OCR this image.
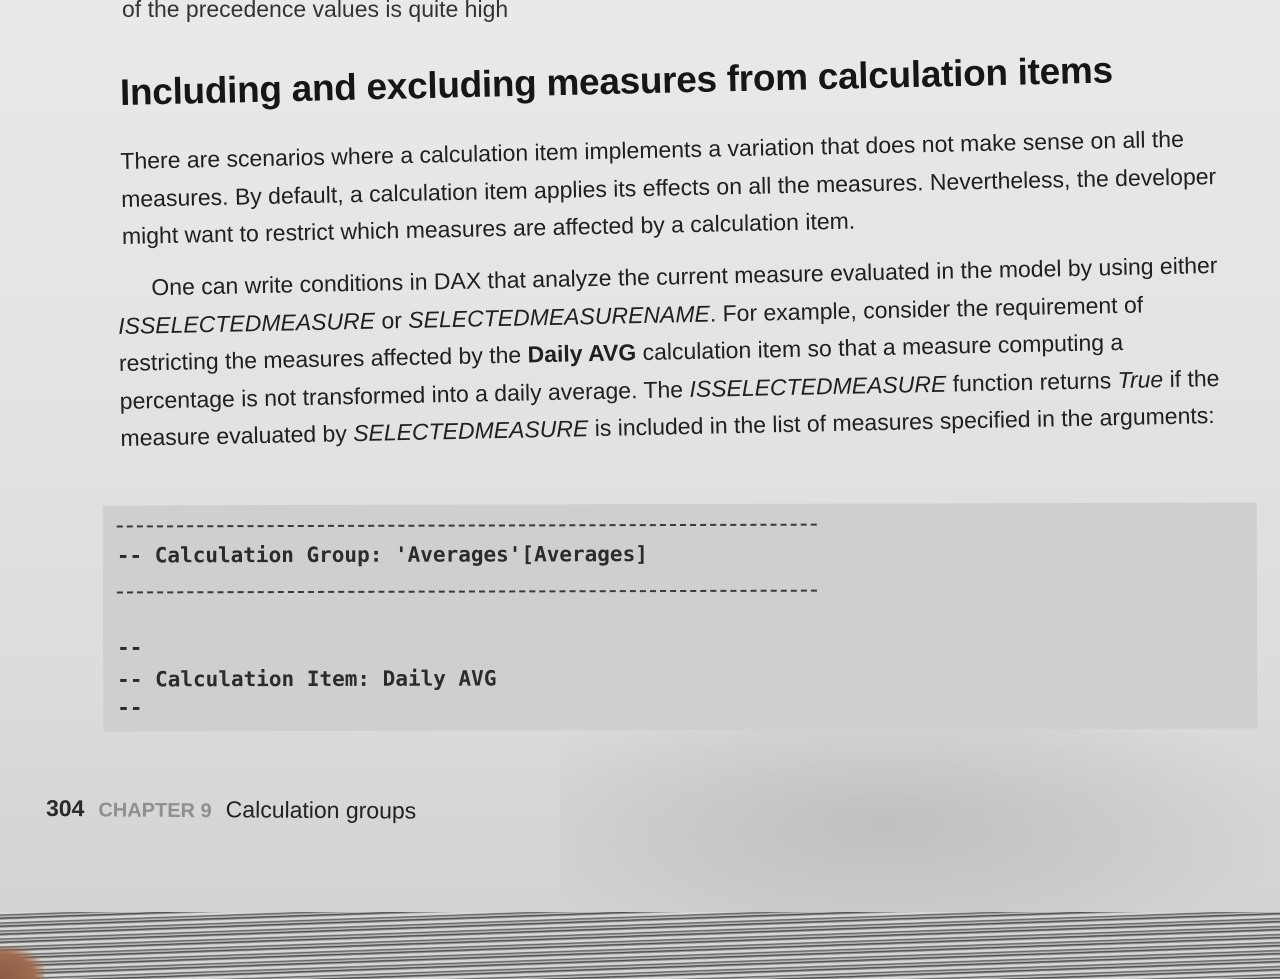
of the precedence values is quite high
Including and excluding measures from calculation items

There are scenarios where a calculation item implements a variation that does not make sense on all the measures. By default, a calculation item applies its effects on all the measures. Nevertheless, the developer might want to restrict which measures are affected by a calculation item.

One can write conditions in DAX that analyze the current measure evaluated in the model by using either ISSELECTEDMEASURE or SELECTEDMEASURENAME. For example, consider the requirement of restricting the measures affected by the Daily AVG calculation item so that a measure computing a percentage is not transformed into a daily average. The ISSELECTEDMEASURE function returns True if the measure evaluated by SELECTEDMEASURE is included in the list of measures specified in the arguments:

-- Calculation Group: 'Averages'[Averages]
--
-- Calculation Item: Daily AVG
--
304 CHAPTER 9 Calculation groups
